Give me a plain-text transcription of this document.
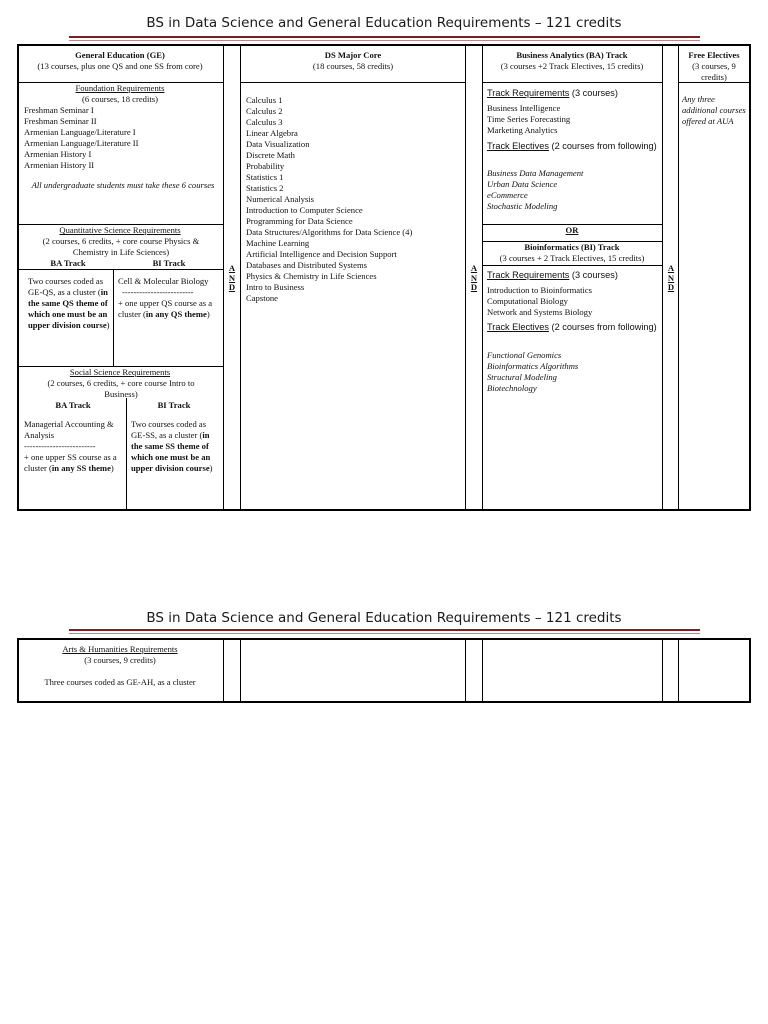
BS in Data Science and General Education Requirements – 121 credits
General Education (GE)
(13 courses, plus one QS and one SS from core)
Foundation Requirements
(6 courses, 18 credits)
Freshman Seminar I
Freshman Seminar II
Armenian Language/Literature I
Armenian Language/Literature II
Armenian History I
Armenian History II
All undergraduate students must take these 6 courses
Quantitative Science Requirements
(2 courses, 6 credits, + core course Physics & Chemistry in Life Sciences)
BA Track	BI Track
Two courses coded as GE-QS, as a cluster (in the same QS theme of which one must be an upper division course)
Cell & Molecular Biology
-------------------------
+ one upper QS course as a cluster (in any QS theme)
Social Science Requirements
(2 courses, 6 credits, + core course Intro to Business)
BA Track	BI Track
Managerial Accounting & Analysis
-------------------------
+ one upper SS course as a cluster (in any SS theme)
Two courses coded as GE-SS, as a cluster (in the same SS theme of which one must be an upper division course)
A
N
D
A
N
D
A
N
D
DS Major Core
(18 courses, 58 credits)
Calculus 1
Calculus 2
Calculus 3
Linear Algebra
Data Visualization
Discrete Math
Probability
Statistics 1
Statistics 2
Numerical Analysis
Introduction to Computer Science
Programming for Data Science
Data Structures/Algorithms for Data Science (4)
Machine Learning
Artificial Intelligence and Decision Support
Databases and Distributed Systems
Physics & Chemistry in Life Sciences
Intro to Business
Capstone
Business Analytics (BA) Track
(3 courses +2 Track Electives, 15 credits)
Track Requirements (3 courses)
Business Intelligence
Time Series Forecasting
Marketing Analytics
Track Electives (2 courses from following)
Business Data Management
Urban Data Science
eCommerce
Stochastic Modeling
OR
Bioinformatics (BI) Track
(3 courses + 2 Track Electives, 15 credits)
Track Requirements (3 courses)
Introduction to Bioinformatics
Computational Biology
Network and Systems Biology
Track Electives (2 courses from following)
Functional Genomics
Bioinformatics Algorithms
Structural Modeling
Biotechnology
Free Electives
(3 courses, 9 credits)
Any three additional courses offered at AUA
BS in Data Science and General Education Requirements – 121 credits
Arts & Humanities Requirements
(3 courses, 9 credits)
Three courses coded as GE-AH, as a cluster
